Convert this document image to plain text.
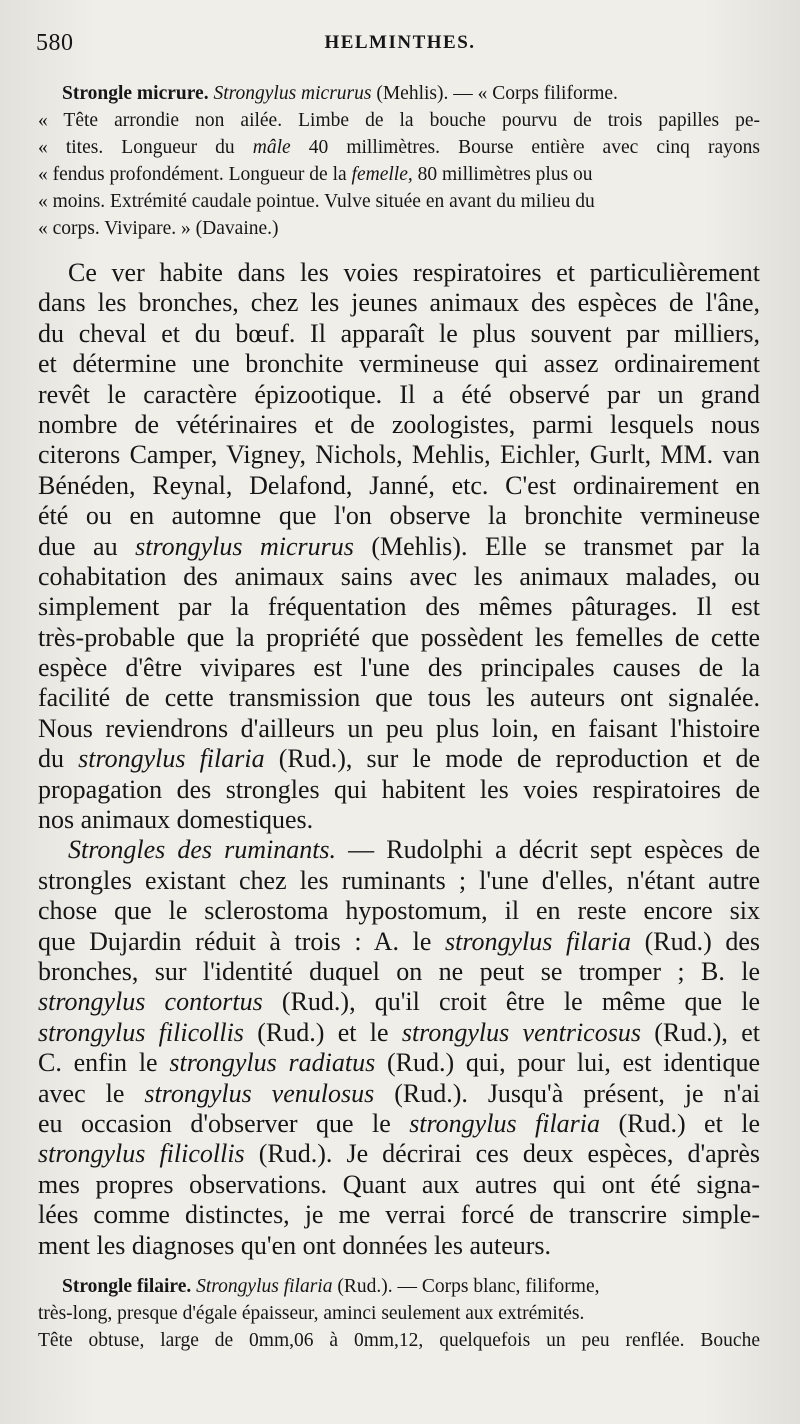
580	HELMINTHES.
Strongle micrure. Strongylus micrurus (Mehlis). — « Corps filiforme.
« Tête arrondie non ailée. Limbe de la bouche pourvu de trois papilles pe-
« tites. Longueur du mâle 40 millimètres. Bourse entière avec cinq rayons
« fendus profondément. Longueur de la femelle, 80 millimètres plus ou
« moins. Extrémité caudale pointue. Vulve située en avant du milieu du
« corps. Vivipare. » (Davaine.)
Ce ver habite dans les voies respiratoires et particulièrement
dans les bronches, chez les jeunes animaux des espèces de l'âne,
du cheval et du bœuf. Il apparaît le plus souvent par milliers,
et détermine une bronchite vermineuse qui assez ordinairement
revêt le caractère épizootique. Il a été observé par un grand
nombre de vétérinaires et de zoologistes, parmi lesquels nous
citerons Camper, Vigney, Nichols, Mehlis, Eichler, Gurlt, MM. van
Bénéden, Reynal, Delafond, Janné, etc. C'est ordinairement en
été ou en automne que l'on observe la bronchite vermineuse
due au strongylus micrurus (Mehlis). Elle se transmet par la
cohabitation des animaux sains avec les animaux malades, ou
simplement par la fréquentation des mêmes pâturages. Il est
très-probable que la propriété que possèdent les femelles de cette
espèce d'être vivipares est l'une des principales causes de la
facilité de cette transmission que tous les auteurs ont signalée.
Nous reviendrons d'ailleurs un peu plus loin, en faisant l'histoire
du strongylus filaria (Rud.), sur le mode de reproduction et de
propagation des strongles qui habitent les voies respiratoires de
nos animaux domestiques.
Strongles des ruminants. — Rudolphi a décrit sept espèces de
strongles existant chez les ruminants ; l'une d'elles, n'étant autre
chose que le sclerostoma hypostomum, il en reste encore six
que Dujardin réduit à trois : A. le strongylus filaria (Rud.) des
bronches, sur l'identité duquel on ne peut se tromper ; B. le
strongylus contortus (Rud.), qu'il croit être le même que le
strongylus filicollis (Rud.) et le strongylus ventricosus (Rud.), et
C. enfin le strongylus radiatus (Rud.) qui, pour lui, est identique
avec le strongylus venulosus (Rud.). Jusqu'à présent, je n'ai
eu occasion d'observer que le strongylus filaria (Rud.) et le
strongylus filicollis (Rud.). Je décrirai ces deux espèces, d'après
mes propres observations. Quant aux autres qui ont été signa-
lées comme distinctes, je me verrai forcé de transcrire simple-
ment les diagnoses qu'en ont données les auteurs.
Strongle filaire. Strongylus filaria (Rud.). — Corps blanc, filiforme,
très-long, presque d'égale épaisseur, aminci seulement aux extrémités.
Tête obtuse, large de 0mm,06 à 0mm,12, quelquefois un peu renflée. Bouche
